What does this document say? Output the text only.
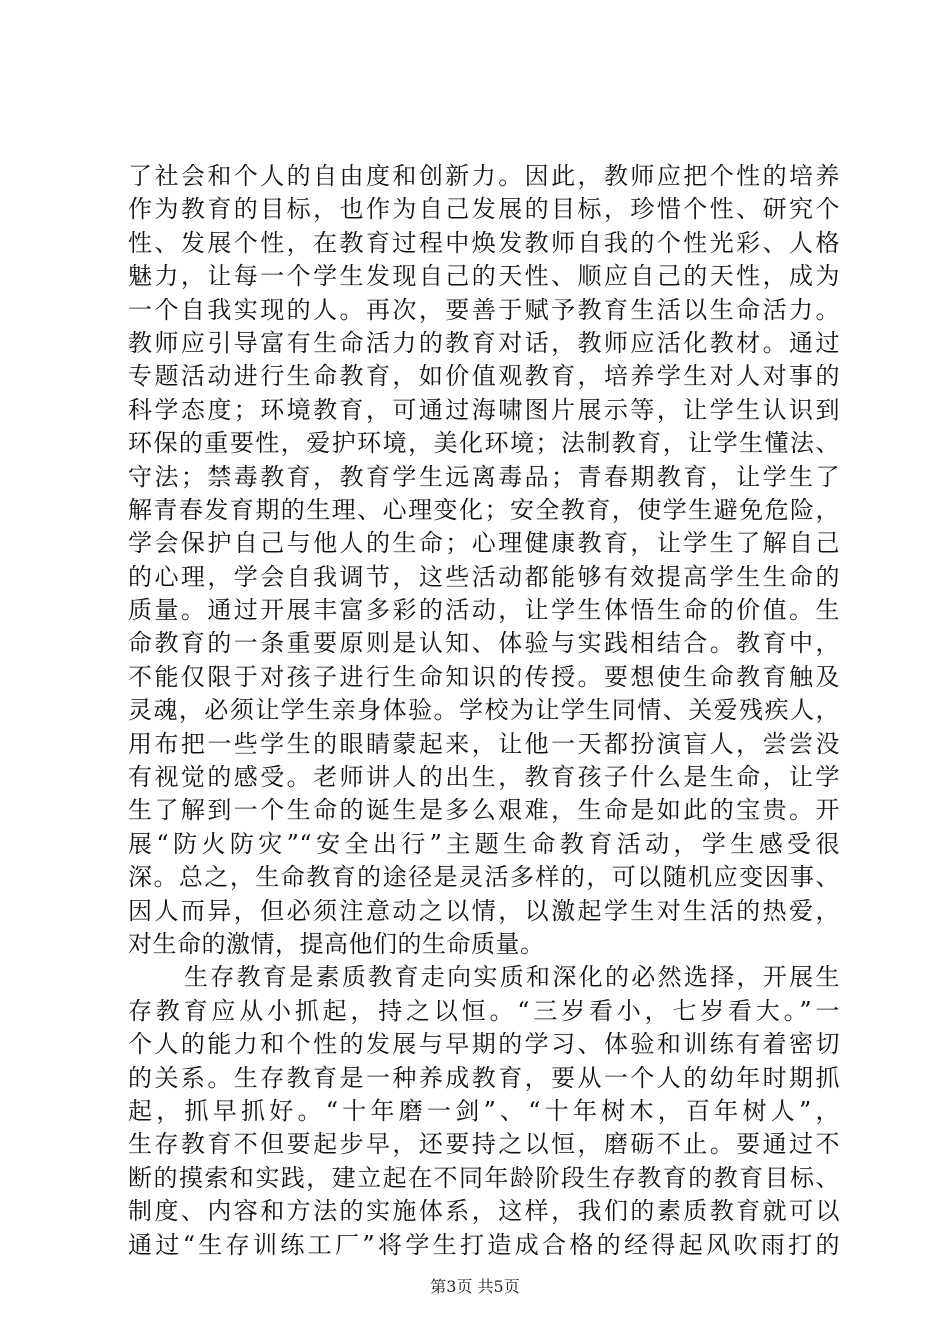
了社会和个人的自由度和创新力。因此，教师应把个性的培养
作为教育的目标，也作为自己发展的目标，珍惜个性、研究个
性、发展个性，在教育过程中焕发教师自我的个性光彩、人格
魅力，让每一个学生发现自己的天性、顺应自己的天性，成为
一个自我实现的人。再次，要善于赋予教育生活以生命活力。
教师应引导富有生命活力的教育对话，教师应活化教材。通过
专题活动进行生命教育，如价值观教育，培养学生对人对事的
科学态度；环境教育，可通过海啸图片展示等，让学生认识到
环保的重要性，爱护环境，美化环境；法制教育，让学生懂法、
守法；禁毒教育，教育学生远离毒品；青春期教育，让学生了
解青春发育期的生理、心理变化；安全教育，使学生避免危险，
学会保护自己与他人的生命；心理健康教育，让学生了解自己
的心理，学会自我调节，这些活动都能够有效提高学生生命的
质量。通过开展丰富多彩的活动，让学生体悟生命的价值。生
命教育的一条重要原则是认知、体验与实践相结合。教育中，
不能仅限于对孩子进行生命知识的传授。要想使生命教育触及
灵魂，必须让学生亲身体验。学校为让学生同情、关爱残疾人，
用布把一些学生的眼睛蒙起来，让他一天都扮演盲人，尝尝没
有视觉的感受。老师讲人的出生，教育孩子什么是生命，让学
生了解到一个生命的诞生是多么艰难，生命是如此的宝贵。开
展“防火防灾”“安全出行”主题生命教育活动，学生感受很
深。总之，生命教育的途径是灵活多样的，可以随机应变因事、
因人而异，但必须注意动之以情，以激起学生对生活的热爱，
对生命的激情，提高他们的生命质量。
生存教育是素质教育走向实质和深化的必然选择，开展生
存教育应从小抓起，持之以恒。“三岁看小，七岁看大。”一
个人的能力和个性的发展与早期的学习、体验和训练有着密切
的关系。生存教育是一种养成教育，要从一个人的幼年时期抓
起，抓早抓好。“十年磨一剑”、“十年树木，百年树人”，
生存教育不但要起步早，还要持之以恒，磨砺不止。要通过不
断的摸索和实践，建立起在不同年龄阶段生存教育的教育目标、
制度、内容和方法的实施体系，这样，我们的素质教育就可以
通过“生存训练工厂”将学生打造成合格的经得起风吹雨打的
第3页 共5页
